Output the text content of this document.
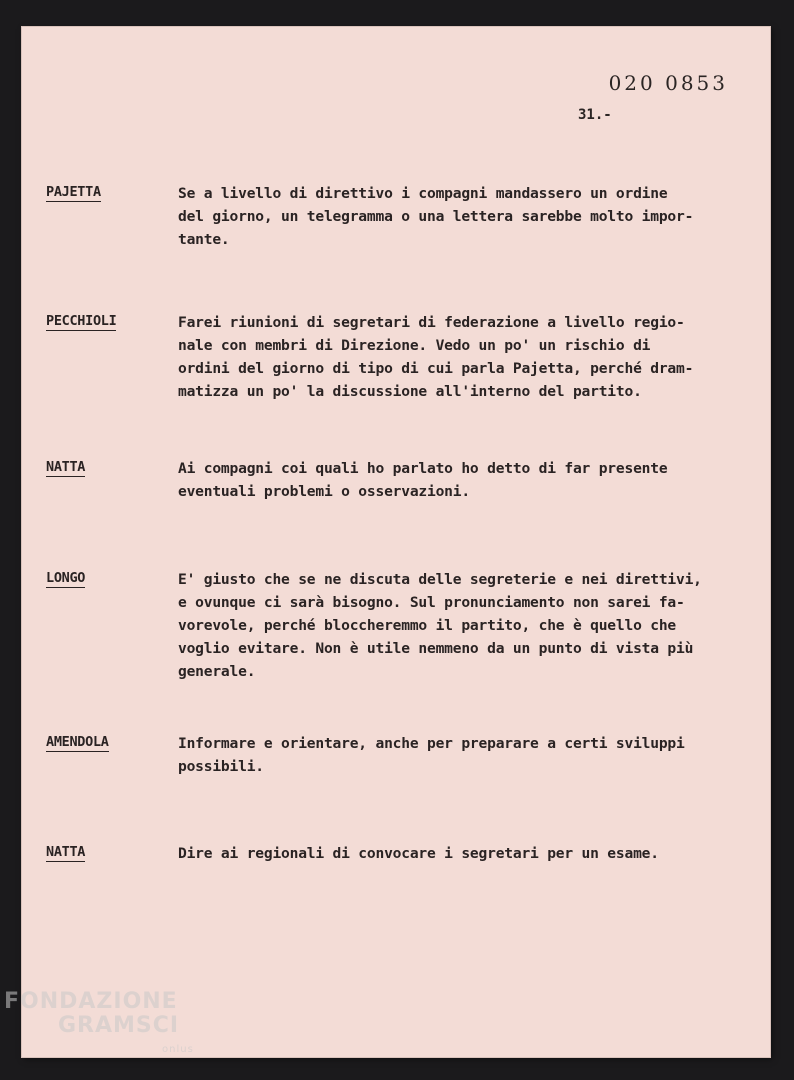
020 0853
31.-
PAJETTA	Se a livello di direttivo i compagni mandassero un ordine
del giorno, un telegramma o una lettera sarebbe molto impor-
tante.
PECCHIOLI	Farei riunioni di segretari di federazione a livello regio-
nale con membri di Direzione. Vedo un po' un rischio di
ordini del giorno di tipo di cui parla Pajetta, perché dram-
matizza un po' la discussione all'interno del partito.
NATTA	Ai compagni coi quali ho parlato ho detto di far presente
eventuali problemi o osservazioni.
LONGO	E' giusto che se ne discuta delle segreterie e nei direttivi,
e ovunque ci sarà bisogno. Sul pronunciamento non sarei fa-
vorevole, perché bloccheremmo il partito, che è quello che
voglio evitare. Non è utile nemmeno da un punto di vista più
generale.
AMENDOLA	Informare e orientare, anche per preparare a certi sviluppi
possibili.
NATTA	Dire ai regionali di convocare i segretari per un esame.
FONDAZIONE
GRAMSCI
onlus
